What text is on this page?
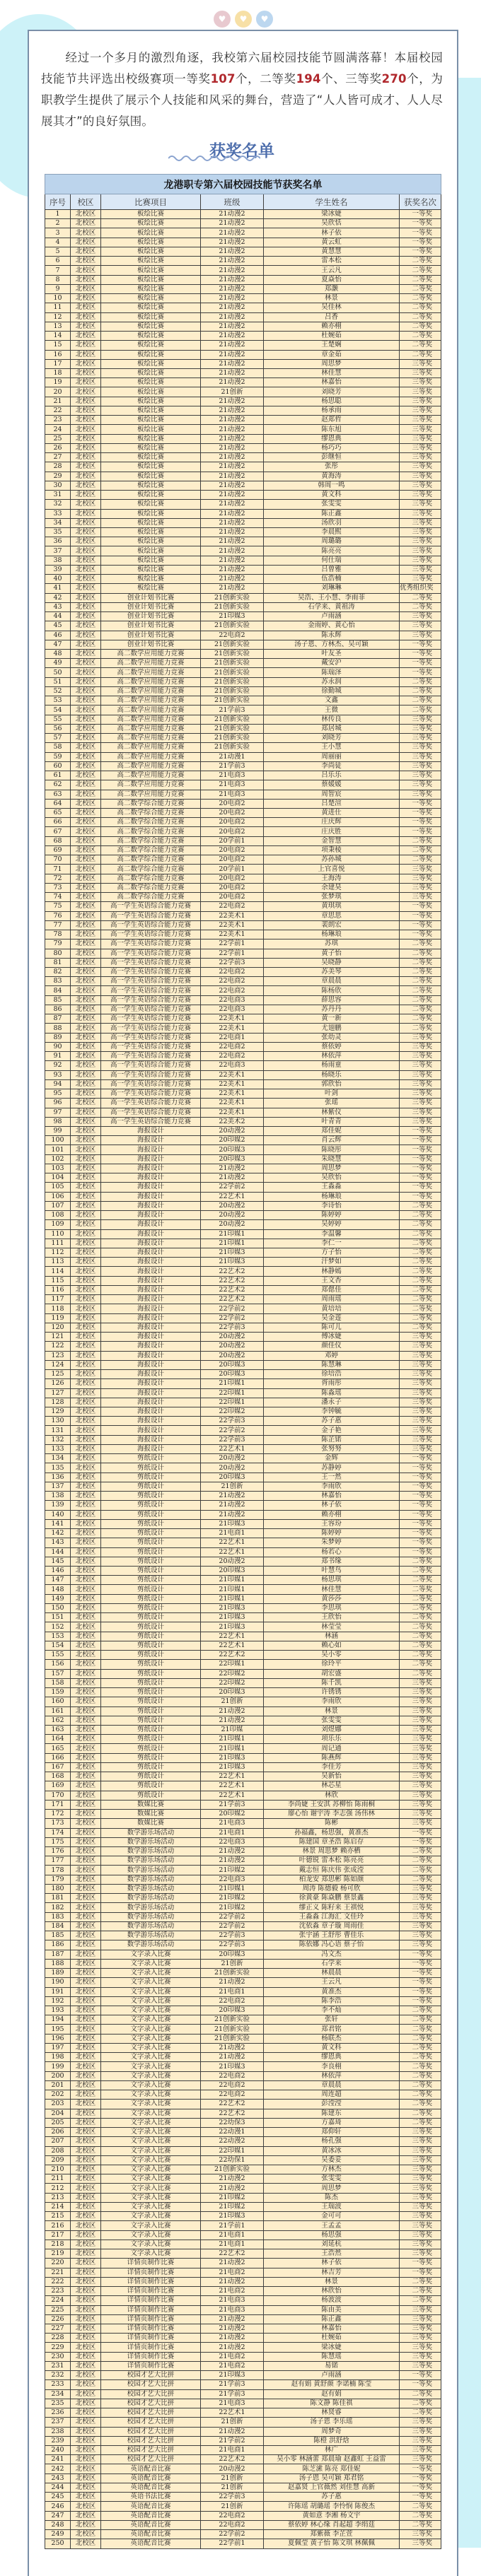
♥	♥	♥
经过一个多月的激烈角逐，我校第六届校园技能节圆满落幕！本届校园技能节共评选出校级赛项一等奖107个，二等奖194个、三等奖270个，为职教学生提供了展示个人技能和风采的舞台，营造了“人人皆可成才、人人尽展其才”的良好氛围。
获奖名单
龙港职专第六届校园技能节获奖名单
序号	校区	比赛项目	班级	学生姓名	获奖名次
1	北校区	板绘比赛	21动漫2	梁冰婕	一等奖
2	北校区	板绘比赛	21动漫2	吴欣恬	一等奖
3	北校区	板绘比赛	21动漫2	林子依	一等奖
4	北校区	板绘比赛	21动漫2	黄云虹	一等奖
5	北校区	板绘比赛	21动漫2	黄慧慧	一等奖
6	北校区	板绘比赛	21动漫2	雷本松	二等奖
7	北校区	板绘比赛	21动漫2	王云凡	二等奖
8	北校区	板绘比赛	21动漫2	夏焱怡	二等奖
9	北校区	板绘比赛	21动漫2	郑灏	二等奖
10	北校区	板绘比赛	21动漫2	林景	二等奖
11	北校区	板绘比赛	21动漫2	吴佳林	二等奖
12	北校区	板绘比赛	21动漫2	吕香	二等奖
13	北校区	板绘比赛	21动漫2	赖亦栩	二等奖
14	北校区	板绘比赛	21动漫2	杜婉茹	二等奖
15	北校区	板绘比赛	21动漫2	王楚娴	二等奖
16	北校区	板绘比赛	21动漫2	章金茹	二等奖
17	北校区	板绘比赛	21动漫2	周思梦	三等奖
18	北校区	板绘比赛	21动漫2	林佳慧	三等奖
19	北校区	板绘比赛	21动漫2	林嘉怡	三等奖
20	北校区	板绘比赛	21创新	刘晓芳	三等奖
21	北校区	板绘比赛	21动漫2	杨思聪	三等奖
22	北校区	板绘比赛	21动漫2	杨承雨	三等奖
23	北校区	板绘比赛	21动漫2	赵郑哲	三等奖
24	北校区	板绘比赛	21动漫2	陈东旭	三等奖
25	北校区	板绘比赛	21动漫2	缪恩典	三等奖
26	北校区	板绘比赛	21动漫2	杨巧巧	三等奖
27	北校区	板绘比赛	21动漫2	彭继恒	三等奖
28	北校区	板绘比赛	21动漫2	张彤	三等奖
29	北校区	板绘比赛	21动漫2	黄海涛	三等奖
30	北校区	板绘比赛	21动漫2	韩周一鸣	三等奖
31	北校区	板绘比赛	21动漫2	黄文科	三等奖
32	北校区	板绘比赛	21动漫2	张雯雯	三等奖
33	北校区	板绘比赛	21动漫2	陈正鑫	三等奖
34	北校区	板绘比赛	21动漫2	汤欣羽	三等奖
35	北校区	板绘比赛	21动漫2	李晨熙	三等奖
36	北校区	板绘比赛	21动漫2	周璐璐	三等奖
37	北校区	板绘比赛	21动漫2	陈亮亮	三等奖
38	北校区	板绘比赛	21动漫2	何仕瑞	三等奖
39	北校区	板绘比赛	21动漫2	吕曾雅	三等奖
40	北校区	板绘比赛	21动漫2	伍浩楠	三等奖
41	北校区	板绘比赛	21动漫2	刘琳琳	优秀组织奖
42	北校区	创业计划书比赛	21创新实验	吴浩、王小慧、李雨菲	二等奖
43	北校区	创业计划书比赛	21创新实验	石学来、黄祖涛	二等奖
44	北校区	创业计划书比赛	21印媒3	卢雨涵	三等奖
45	北校区	创业计划书比赛	21创新实验	金雨婷、黄心怡	三等奖
46	北校区	创业计划书比赛	22电商2	陈永辉	三等奖
47	北校区	创业计划书比赛	21创新实验	汤子恩、方林杰、吴可颖	一等奖
48	北校区	高二数学应用能力竞赛	21创新实验	叶友圣	一等奖
49	北校区	高二数学应用能力竞赛	21创新实验	戴安沪	一等奖
50	北校区	高二数学应用能力竞赛	21创新实验	陈瑞泽	一等奖
51	北校区	高二数学应用能力竞赛	21创新实验	苏永润	二等奖
52	北校区	高二数学应用能力竞赛	21创新实验	徐勤城	二等奖
53	北校区	高二数学应用能力竞赛	21创新实验	文鑫	二等奖
54	北校区	高二数学应用能力竞赛	21学前3	王微	二等奖
55	北校区	高二数学应用能力竞赛	21创新实验	林传良	三等奖
56	北校区	高二数学应用能力竞赛	21创新实验	郑居城	三等奖
57	北校区	高二数学应用能力竞赛	21创新实验	刘晓芳	三等奖
58	北校区	高二数学应用能力竞赛	21创新实验	王小慧	三等奖
59	北校区	高二数学应用能力竞赛	21动漫1	周丽丽	三等奖
60	北校区	高二数学应用能力竞赛	21学前3	李尚徒	三等奖
61	北校区	高二数学应用能力竞赛	21电商3	吕乐乐	三等奖
62	北校区	高二数学应用能力竞赛	21电商3	蔡媛媛	三等奖
63	北校区	高二数学应用能力竞赛	21电商3	周智宸	三等奖
64	北校区	高二数学综合能力竞赛	20电商2	吕楚渲	一等奖
65	北校区	高二数学综合能力竞赛	20电商2	黄进仕	一等奖
66	北校区	高二数学综合能力竞赛	20电商2	庄庆辉	一等奖
67	北校区	高二数学综合能力竞赛	20电商2	庄庆胜	一等奖
68	北校区	高二数学综合能力竞赛	20学前1	金智慧	二等奖
69	北校区	高二数学综合能力竞赛	20电商2	项秉棱	二等奖
70	北校区	高二数学综合能力竞赛	20电商2	苏孙城	二等奖
71	北校区	高二数学综合能力竞赛	20学前1	上官喜悦	三等奖
72	北校区	高二数学综合能力竞赛	20电商2	王海涛	三等奖
73	北校区	高二数学综合能力竞赛	20电商2	余建昊	三等奖
74	北校区	高二数学综合能力竞赛	20电商2	张梦琪	三等奖
75	北校区	高一学生英语综合能力竞赛	22电商2	黄琪琪	一等奖
76	北校区	高一学生英语综合能力竞赛	22美术1	章思思	一等奖
77	北校区	高一学生英语综合能力竞赛	22美术1	裴朗宏	一等奖
78	北校区	高一学生英语综合能力竞赛	22美术1	杨琳琅	一等奖
79	北校区	高一学生英语综合能力竞赛	22学前1	苏琪	二等奖
80	北校区	高一学生英语综合能力竞赛	22学前1	黄子怡	二等奖
81	北校区	高一学生英语综合能力竞赛	22学前3	吴晓静	二等奖
82	北校区	高一学生英语综合能力竞赛	22电商2	苏美琴	二等奖
83	北校区	高一学生英语综合能力竞赛	22电商2	章晨晨	二等奖
84	北校区	高一学生英语综合能力竞赛	22电商2	陈杨欣	二等奖
85	北校区	高一学生英语综合能力竞赛	22电商3	薛思容	二等奖
86	北校区	高一学生英语综合能力竞赛	22电商3	苏丹丹	二等奖
87	北校区	高一学生英语综合能力竞赛	22美术1	黄一新	二等奖
88	北校区	高一学生英语综合能力竞赛	22美术1	尤翅鹏	二等奖
89	北校区	高一学生英语综合能力竞赛	22电商1	张幼灵	三等奖
90	北校区	高一学生英语综合能力竞赛	22电商2	蔡依婷	三等奖
91	北校区	高一学生英语综合能力竞赛	22电商2	林依萍	三等奖
92	北校区	高一学生英语综合能力竞赛	22电商3	杨雨童	三等奖
93	北校区	高一学生英语综合能力竞赛	22美术1	杨晓乐	三等奖
94	北校区	高一学生英语综合能力竞赛	22美术1	郭欣怡	三等奖
95	北校区	高一学生英语综合能力竞赛	22美术1	叶剑	三等奖
96	北校区	高一学生英语综合能力竞赛	22美术1	张瑶	三等奖
97	北校区	高一学生英语综合能力竞赛	22美术1	林紫仪	三等奖
98	北校区	高一学生英语综合能力竞赛	22美术2	叶青青	三等奖
99	北校区	海报设计	20动漫2	郑佳妮	一等奖
100	北校区	海报设计	20印媒2	肖云辉	一等奖
101	北校区	海报设计	20印媒3	陈晓彤	一等奖
102	北校区	海报设计	20印媒3	朱晓慧	一等奖
103	北校区	海报设计	21动漫2	周思梦	一等奖
104	北校区	海报设计	21动漫2	吴欣怡	一等奖
105	北校区	海报设计	22学前2	王淼淼	一等奖
106	北校区	海报设计	22艺术1	杨琳琅	一等奖
107	北校区	海报设计	20动漫2	李诗怡	二等奖
108	北校区	海报设计	20动漫2	陈婷婷	二等奖
109	北校区	海报设计	20动漫2	吴婷婷	二等奖
110	北校区	海报设计	21印媒1	李温馨	二等奖
111	北校区	海报设计	21印媒1	李仁一	二等奖
112	北校区	海报设计	21印媒3	方子怡	二等奖
113	北校区	海报设计	21印媒3	汗梦如	二等奖
114	北校区	海报设计	22艺术2	林静嫣	二等奖
115	北校区	海报设计	22艺术2	王文杏	二等奖
116	北校区	海报设计	22艺术2	郑偲佳	二等奖
117	北校区	海报设计	22艺术2	周雨瑶	二等奖
118	北校区	海报设计	22学前2	黄培培	二等奖
119	北校区	海报设计	22学前2	吴金莲	二等奖
120	北校区	海报设计	22学前3	陈可儿	二等奖
121	北校区	海报设计	20动漫2	傅冰婕	三等奖
122	北校区	海报设计	20动漫2	颜佳仪	三等奖
123	北校区	海报设计	20动漫2	邓婷	三等奖
124	北校区	海报设计	20印媒3	陈慧琳	三等奖
125	北校区	海报设计	20印媒3	徐培浩	三等奖
126	北校区	海报设计	21印媒1	胥雨彤	三等奖
127	北校区	海报设计	22印媒1	陈淼瑶	三等奖
128	北校区	海报设计	22印媒1	潘永子	三等奖
129	北校区	海报设计	22印媒2	李钟毓	三等奖
130	北校区	海报设计	22学前3	苏子惠	三等奖
131	北校区	海报设计	22学前2	金子艳	三等奖
132	北校区	海报设计	22学前3	陈芷锘	三等奖
133	北校区	海报设计	22艺术1	张努努	三等奖
134	北校区	剪纸设计	20动漫2	金辉	一等奖
135	北校区	剪纸设计	20动漫2	苏静婷	一等奖
136	北校区	剪纸设计	20印媒3	王一然	一等奖
137	北校区	剪纸设计	21创新	李雨欣	一等奖
138	北校区	剪纸设计	21动漫2	林嘉怡	一等奖
139	北校区	剪纸设计	21动漫2	林子依	一等奖
140	北校区	剪纸设计	21动漫2	赖亦栩	一等奖
141	北校区	剪纸设计	21印媒3	王容玢	一等奖
142	北校区	剪纸设计	21电商1	陈婷婷	一等奖
143	北校区	剪纸设计	22艺术1	朱梦婷	一等奖
144	北校区	剪纸设计	22艺术1	杨若心	一等奖
145	北校区	剪纸设计	20动漫2	郑书缘	二等奖
146	北校区	剪纸设计	20印媒3	叶慧鸟	二等奖
147	北校区	剪纸设计	21印媒1	杨思琪	二等奖
148	北校区	剪纸设计	21印媒1	林佳慧	二等奖
149	北校区	剪纸设计	21印媒1	黄莎莎	二等奖
150	北校区	剪纸设计	21印媒3	李思琪	二等奖
151	北校区	剪纸设计	21印媒3	王欣怡	二等奖
152	北校区	剪纸设计	21印媒3	林莹莹	二等奖
153	北校区	剪纸设计	22艺术1	林涵	二等奖
154	北校区	剪纸设计	22艺术1	赖心如	二等奖
155	北校区	剪纸设计	22艺术2	吴小零	二等奖
156	北校区	剪纸设计	22印媒1	徐玲平	二等奖
157	北校区	剪纸设计	22印媒2	胡宏盛	二等奖
158	北校区	剪纸设计	22印媒2	陈千凯	三等奖
159	北校区	剪纸设计	20印媒3	许锈锈	三等奖
160	北校区	剪纸设计	21创新	李雨欣	三等奖
161	北校区	剪纸设计	21动漫2	林景	三等奖
162	北校区	剪纸设计	21动漫2	张雯雯	三等奖
163	北校区	剪纸设计	21印媒	刘煜娜	三等奖
164	北校区	剪纸设计	21印媒1	项乐乐	三等奖
165	北校区	剪纸设计	21印媒1	周记通	三等奖
166	北校区	剪纸设计	21印媒3	陈燕辉	三等奖
167	北校区	剪纸设计	21印媒3	李佳芳	三等奖
168	北校区	剪纸设计	22艺术1	吴新怡	三等奖
169	北校区	剪纸设计	22艺术1	林芯星	三等奖
170	北校区	剪纸设计	22艺术1	林欣	三等奖
171	北校区	数媒比赛	21学前3	李尚婕 王安淇 苏柳怡 陈雨桐	三等奖
172	北校区	数媒比赛	20印媒2	廖心怡 谢宇涛 李志强 汤伟林	三等奖
173	北校区	数媒比赛	21电商3	陈彬	三等奖
174	北校区	数学游乐场活动	21电商1	孙福鑫，杨思强，黄准杰	一等奖
175	北校区	数学游乐场活动	22电商3	陈建国 章圣浩 陈启存	一等奖
176	北校区	数学游乐场活动	21动漫2	林景 周思梦 赖亦栖	二等奖
177	北校区	数学游乐场活动	21动漫2	叶德锐 雷本松 陈亮亮	二等奖
178	北校区	数学游乐场活动	21印媒2	戴志恒 陈庆伟 张成滢	二等奖
179	北校区	数学游乐场活动	22电商3	柏龙安 郑思彬 陈如颜	二等奖
180	北校区	数学游乐场活动	21印媒1	周涛 陈德毅 杨可欣	三等奖
181	北校区	数学游乐场活动	21印媒2	徐黄豪 陈焱鹏 蔡景鑫	三等奖
182	北校区	数学游乐场活动	21印媒2	缪正义 陈籽来 王祺悦	三等奖
183	北校区	数学游乐场活动	22学前2	王淼淼 江海汇 文佳玲	三等奖
184	北校区	数学游乐场活动	22学前2	沈依淼 章子璇 周雨佳	三等奖
185	北校区	数学游乐场活动	22学前3	张宇涵 王舒彤 曹佳乐	三等奖
186	北校区	数学游乐场活动	22学前3	陈依娜 冯心语 蔡子怡	三等奖
187	北校区	文字录入比赛	20印媒3	冯文杰	一等奖
188	北校区	文字录入比赛	21创新	石学来	一等奖
189	北校区	文字录入比赛	21创新实验	林晨晨	一等奖
190	北校区	文字录入比赛	21动漫2	王云凡	一等奖
191	北校区	文字录入比赛	21电商1	黄准杰	一等奖
192	北校区	文字录入比赛	22电商2	陈李浩	一等奖
193	北校区	文字录入比赛	20印媒3	李不灿	二等奖
194	北校区	文字录入比赛	21创新实验	张轩	二等奖
195	北校区	文字录入比赛	21创新实验	郑君铭	二等奖
196	北校区	文字录入比赛	21创新实验	杨联杰	二等奖
197	北校区	文字录入比赛	21动漫2	黄文科	二等奖
198	北校区	文字录入比赛	21动漫2	缪恩典	二等奖
199	北校区	文字录入比赛	21印媒3	李良栩	二等奖
200	北校区	文字录入比赛	22电商2	林依萍	二等奖
201	北校区	文字录入比赛	22电商2	章晨晨	二等奖
202	北校区	文字录入比赛	22电商2	周连超	二等奖
203	北校区	文字录入比赛	22艺术2	彭滢滢	二等奖
204	北校区	文字录入比赛	22艺术2	陈建东	二等奖
205	北校区	文字录入比赛	22幼保3	方嘉琦	二等奖
206	北校区	文字录入比赛	22动漫1	郑仰轩	三等奖
207	北校区	文字录入比赛	22动漫2	杨孔强	三等奖
208	北校区	文字录入比赛	22印媒1	黄冰冰	三等奖
209	北校区	文字录入比赛	22幼保1	吴委妥	三等奖
210	北校区	文字录入比赛	21创新实验	方林杰	三等奖
211	北校区	文字录入比赛	21动漫2	张雯雯	三等奖
212	北校区	文字录入比赛	21动漫2	周思梦	三等奖
213	北校区	文字录入比赛	21印媒2	陈杰	三等奖
214	北校区	文字录入比赛	21印媒2	王瑞波	三等奖
215	北校区	文字录入比赛	21印媒3	金可可	三等奖
216	北校区	文字录入比赛	21学前1	王孟孟	三等奖
217	北校区	文字录入比赛	21电商1	杨思强	三等奖
218	北校区	文字录入比赛	21电商1	刘延杭	三等奖
219	北校区	文字录入比赛	22艺术2	王浩然	三等奖
220	北校区	详情页制作比赛	21动漫2	林子依	一等奖
221	北校区	详情页制作比赛	21电商2	林吉芳	一等奖
222	北校区	详情页制作比赛	21动漫2	林景	二等奖
223	北校区	详情页制作比赛	21电商2	林欣怡	二等奖
224	北校区	详情页制作比赛	21电商3	杨波波	二等奖
225	北校区	详情页制作比赛	21电商3	陈由美	三等奖
226	北校区	详情页制作比赛	21动漫2	陈正鑫	三等奖
227	北校区	详情页制作比赛	21动漫2	林嘉怡	三等奖
228	北校区	详情页制作比赛	21动漫2	杜婉茹	三等奖
229	北校区	详情页制作比赛	21动漫2	梁冰婕	三等奖
230	北校区	详情页制作比赛	21电商2	陈慧瑶	三等奖
231	北校区	详情页制作比赛	21电商2	易锘	三等奖
232	北校区	校园才艺大比拼	21印媒3	卢雨涵	一等奖
233	北校区	校园才艺大比拼	21学前3	赵有娟 黄舒颜 李诺楠 陈莹	一等奖
234	北校区	校园才艺大比拼	21学前3	赵有娟	二等奖
235	北校区	校园才艺大比拼	21电商3	陈文静 陈佳祺	二等奖
236	北校区	校园才艺大比拼	22艺术1	林贤睿	二等奖
237	北校区	校园才艺大比拼	21创新	汤子恩 李乐瑶	三等奖
238	北校区	校园才艺大比拼	21动漫2	周梦奇	三等奖
239	北校区	校园才艺大比拼	21学前2	陈橙 洪舒焓	三等奖
240	北校区	校园才艺大比拼	21电商1	林广	三等奖
241	北校区	校园才艺大比拼	22艺术2	吴小零 林涵蕾 郑晨瑜 赵鑫虹 王益雷	三等奖
242	北校区	英语配音比赛	20动漫2	陈芝潆 陈亮 郑佳妮	一等奖
243	北校区	英语配音比赛	21创新	汤子恩 吴可颖 郑君铭	一等奖
244	北校区	英语配音比赛	21创新	赵嘉贤 上官薇然 刘佳慧 高新	一等奖
245	北校区	英语书法比赛	22学前3	苏子惠	一等奖
246	北校区	英语配音比赛	21创新	许陈瑶 胡璐瑶 李怜悯 陈俊杰	二等奖
247	北校区	英语配音比赛	22电商2	黄如意 李湘 杨文宇	二等奖
248	北校区	英语配音比赛	22电商2	蔡依婷 林心缘 肖起超 李绢莛	二等奖
249	北校区	英语配音比赛	22学前2	郑紫薇 李芷萱	三等奖
250	北校区	英语配音比赛	22学前1	夏佩莹 黄子怡 陈文琪 林佩佩	三等奖
